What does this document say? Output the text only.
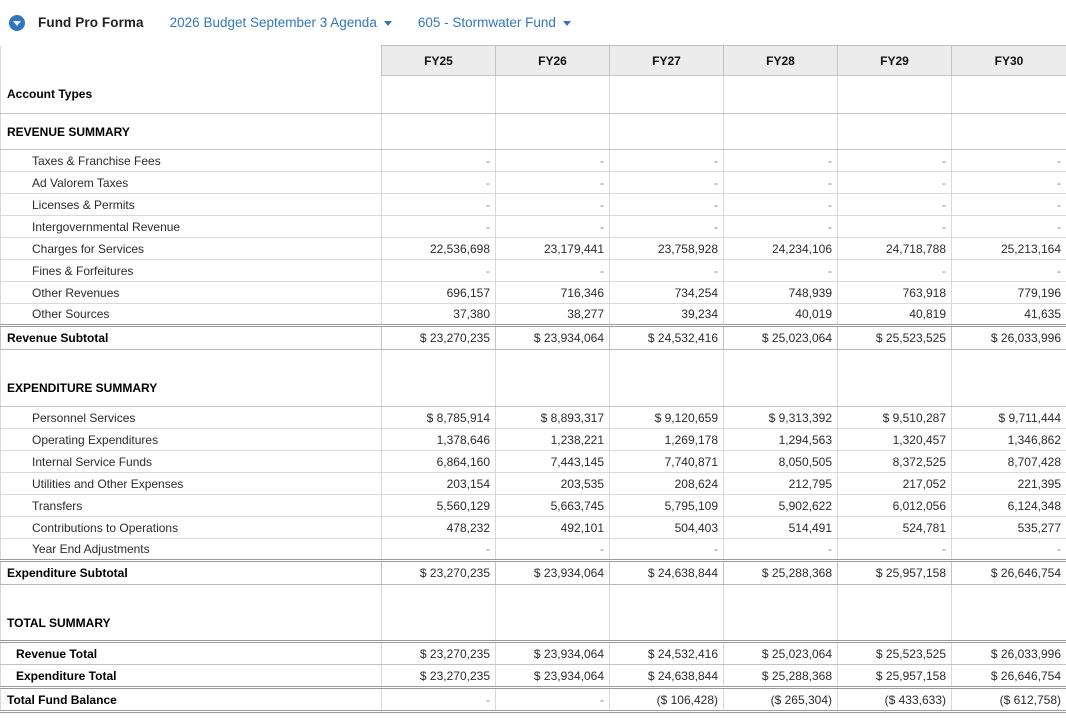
Fund Pro Forma 2026 Budget September 3 Agenda	605 - Stormwater Fund
	FY25	FY26	FY27	FY28	FY29	FY30
Account Types						
REVENUE SUMMARY						
Taxes & Franchise Fees	-	-	-	-	-	-
Ad Valorem Taxes	-	-	-	-	-	-
Licenses & Permits	-	-	-	-	-	-
Intergovernmental Revenue	-	-	-	-	-	-
Charges for Services	22,536,698	23,179,441	23,758,928	24,234,106	24,718,788	25,213,164
Fines & Forfeitures	-	-	-	-	-	-
Other Revenues	696,157	716,346	734,254	748,939	763,918	779,196
Other Sources	37,380	38,277	39,234	40,019	40,819	41,635
Revenue Subtotal	$ 23,270,235	$ 23,934,064	$ 24,532,416	$ 25,023,064	$ 25,523,525	$ 26,033,996

EXPENDITURE SUMMARY						
Personnel Services	$ 8,785,914	$ 8,893,317	$ 9,120,659	$ 9,313,392	$ 9,510,287	$ 9,711,444
Operating Expenditures	1,378,646	1,238,221	1,269,178	1,294,563	1,320,457	1,346,862
Internal Service Funds	6,864,160	7,443,145	7,740,871	8,050,505	8,372,525	8,707,428
Utilities and Other Expenses	203,154	203,535	208,624	212,795	217,052	221,395
Transfers	5,560,129	5,663,745	5,795,109	5,902,622	6,012,056	6,124,348
Contributions to Operations	478,232	492,101	504,403	514,491	524,781	535,277
Year End Adjustments	-	-	-	-	-	-
Expenditure Subtotal	$ 23,270,235	$ 23,934,064	$ 24,638,844	$ 25,288,368	$ 25,957,158	$ 26,646,754

TOTAL SUMMARY						
Revenue Total	$ 23,270,235	$ 23,934,064	$ 24,532,416	$ 25,023,064	$ 25,523,525	$ 26,033,996
Expenditure Total	$ 23,270,235	$ 23,934,064	$ 24,638,844	$ 25,288,368	$ 25,957,158	$ 26,646,754
Total Fund Balance	-	-	($ 106,428)	($ 265,304)	($ 433,633)	($ 612,758)
